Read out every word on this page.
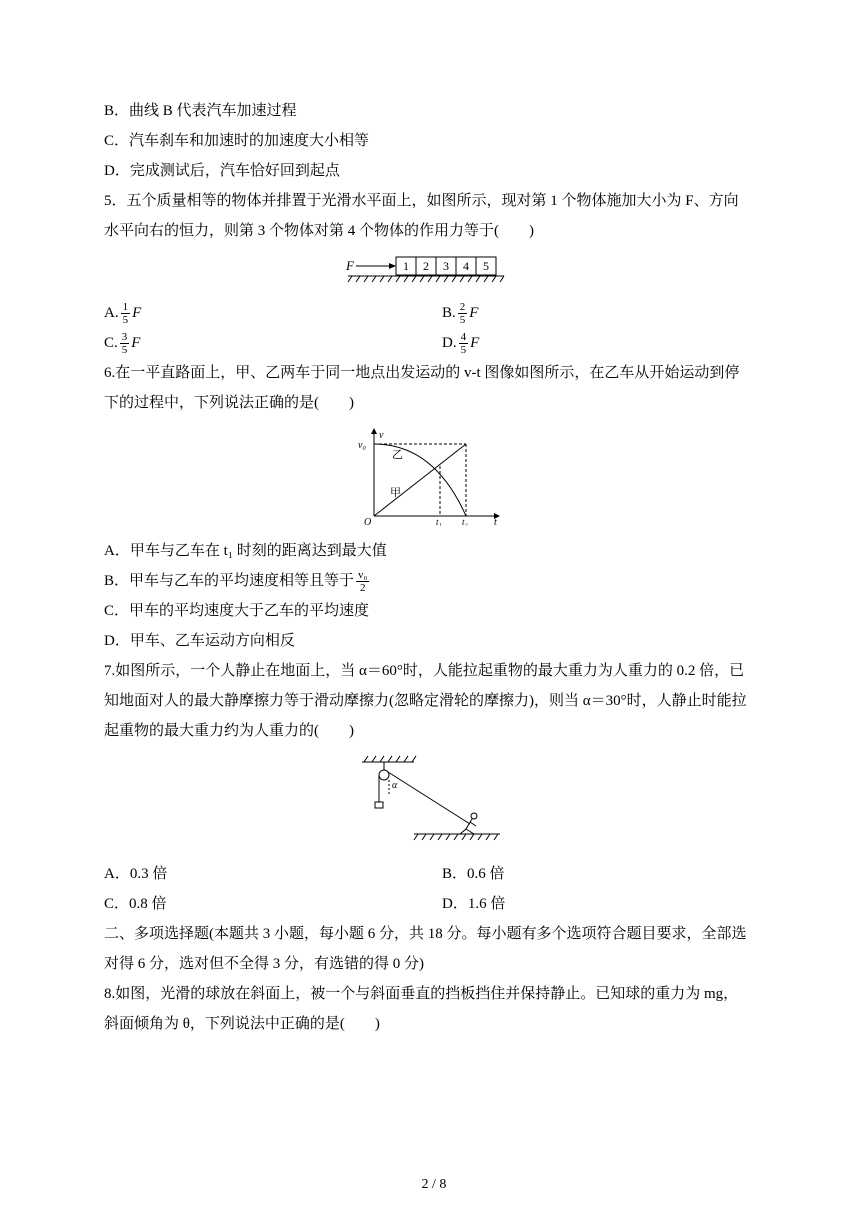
B．曲线 B 代表汽车加速过程
C．汽车刹车和加速时的加速度大小相等
D．完成测试后，汽车恰好回到起点
5．五个质量相等的物体并排置于光滑水平面上，如图所示，现对第 1 个物体施加大小为 F、方向
水平向右的恒力，则第 3 个物体对第 4 个物体的作用力等于(　　)
F	1 2 3 4 5
A. $\frac{1}{5}$ F	B. $\frac{2}{5}$ F
C. $\frac{3}{5}$ F	D. $\frac{4}{5}$ F
6.在一平直路面上，甲、乙两车于同一地点出发运动的 v-t 图像如图所示，在乙车从开始运动到停
下的过程中，下列说法正确的是(　　)
v
v₀
O	t
t₁ t₂
乙
甲
A．甲车与乙车在 t₁ 时刻的距离达到最大值
B．甲车与乙车的平均速度相等且等于 $\frac{\text{v₀}}{2}$
C．甲车的平均速度大于乙车的平均速度
D．甲车、乙车运动方向相反
7.如图所示，一个人静止在地面上，当 α＝60°时，人能拉起重物的最大重力为人重力的 0.2 倍，已
知地面对人的最大静摩擦力等于滑动摩擦力(忽略定滑轮的摩擦力)，则当 α＝30°时，人静止时能拉
起重物的最大重力约为人重力的(　　)
α
A．0.3 倍	B．0.6 倍
C．0.8 倍	D．1.6 倍
二、多项选择题(本题共 3 小题，每小题 6 分，共 18 分。每小题有多个选项符合题目要求，全部选
对得 6 分，选对但不全得 3 分，有选错的得 0 分)
8.如图，光滑的球放在斜面上，被一个与斜面垂直的挡板挡住并保持静止。已知球的重力为 mg，
斜面倾角为 θ，下列说法中正确的是(　　)
2 / 8
